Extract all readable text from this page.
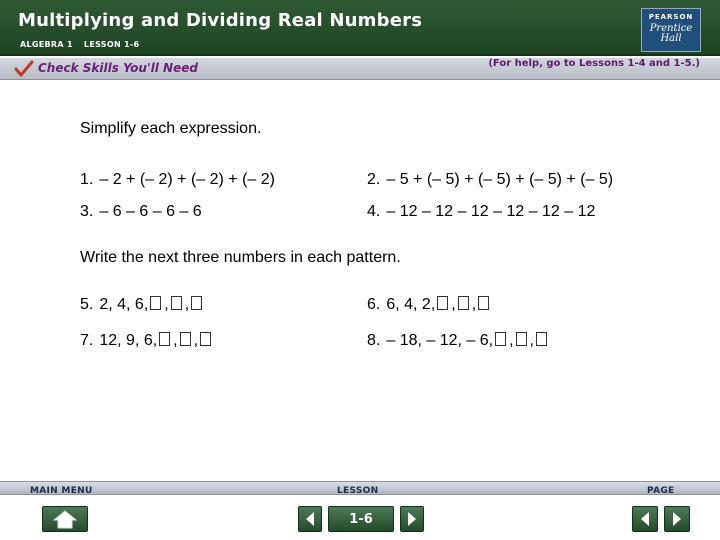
Multiplying and Dividing Real Numbers
ALGEBRA 1 LESSON 1-6
PEARSON
Prentice Hall
Check Skills You'll Need	(For help, go to Lessons 1-4 and 1-5.)
Simplify each expression.
1. – 2 + (– 2) + (– 2) + (– 2)	2. – 5 + (– 5) + (– 5) + (– 5) + (– 5)
3. – 6 – 6 – 6 – 6	4. – 12 – 12 – 12 – 12 – 12 – 12
Write the next three numbers in each pattern.
5. 2, 4, 6, , ,	6. 6, 4, 2, , ,
7. 12, 9, 6, , ,	8. – 18, – 12, – 6, , ,
MAIN MENU	LESSON	PAGE
1-6
